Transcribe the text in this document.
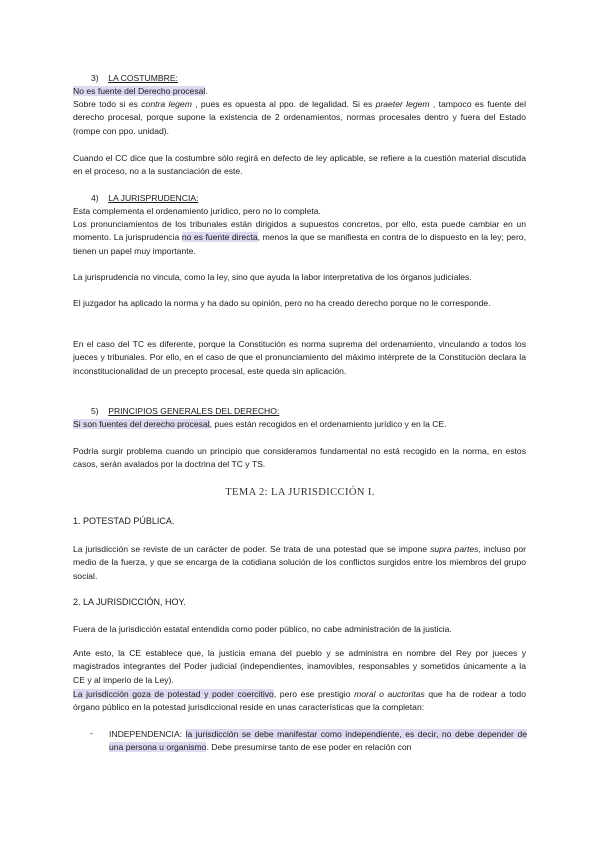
3) LA COSTUMBRE:

No es fuente del Derecho procesal.

Sobre todo si es contra legem , pues es opuesta al ppo. de legalidad. Si es praeter legem , tampoco es fuente del derecho procesal, porque supone la existencia de 2 ordenamientos, normas procesales dentro y fuera del Estado (rompe con ppo. unidad).

Cuando el CC dice que la costumbre sólo regirá en defecto de ley aplicable, se refiere a la cuestión material discutida en el proceso, no a la sustanciación de este.

4) LA JURISPRUDENCIA:

Esta complementa el ordenamiento jurídico, pero no lo completa.

Los pronunciamientos de los tribunales están dirigidos a supuestos concretos, por ello, esta puede cambiar en un momento. La jurisprudencia no es fuente directa, menos la que se manifiesta en contra de lo dispuesto en la ley; pero, tienen un papel muy importante.

La jurisprudencia no vincula, como la ley, sino que ayuda la labor interpretativa de los órganos judiciales.

El juzgador ha aplicado la norma y ha dado su opinión, pero no ha creado derecho porque no le corresponde.

En el caso del TC es diferente, porque la Constitución es norma suprema del ordenamiento, vinculando a todos los jueces y tribunales. Por ello, en el caso de que el pronunciamiento del máximo intérprete de la Constitución declara la inconstitucionalidad de un precepto procesal, este queda sin aplicación.

5) PRINCIPIOS GENERALES DEL DERECHO:

Si son fuentes del derecho procesal, pues están recogidos en el ordenamiento jurídico y en la CE.

Podría surgir problema cuando un principio que consideramos fundamental no está recogido en la norma, en estos casos, serán avalados por la doctrina del TC y TS.

TEMA 2: LA JURISDICCIÓN I.

1. POTESTAD PÚBLICA.

La jurisdicción se reviste de un carácter de poder. Se trata de una potestad que se impone supra partes, incluso por medio de la fuerza, y que se encarga de la cotidiana solución de los conflictos surgidos entre los miembros del grupo social.

2. LA JURISDICCIÓN, HOY.

Fuera de la jurisdicción estatal entendida como poder público, no cabe administración de la justicia.

Ante esto, la CE establece que, la justicia emana del pueblo y se administra en nombre del Rey por jueces y magistrados integrantes del Poder judicial (independientes, inamovibles, responsables y sometidos únicamente a la CE y al imperio de la Ley).

La jurisdicción goza de potestad y poder coercitivo, pero ese prestigio moral o auctoritas que ha de rodear a todo órgano público en la potestad jurisdiccional reside en unas características que la completan:

- INDEPENDENCIA: la jurisdicción se debe manifestar como independiente, es decir, no debe depender de una persona u organismo. Debe presumirse tanto de ese poder en relación con
